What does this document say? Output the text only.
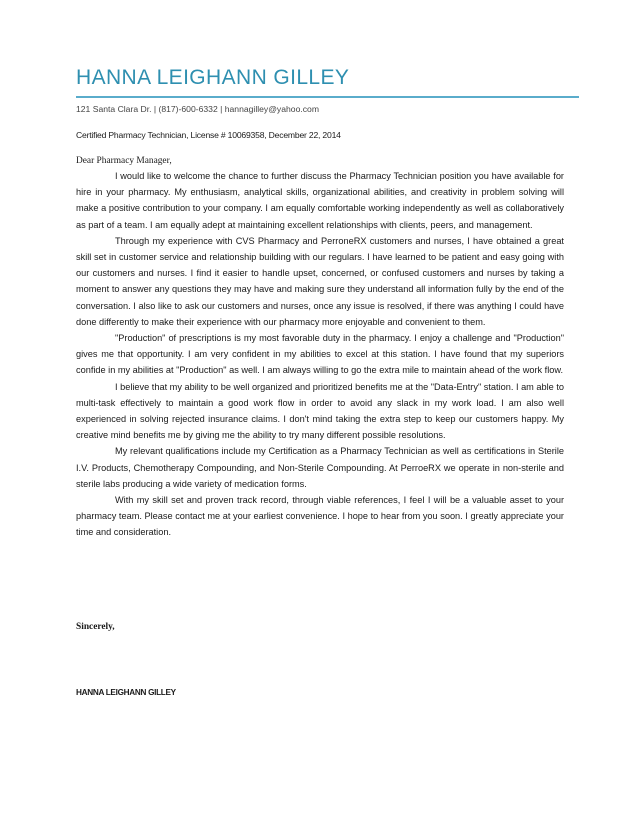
HANNA LEIGHANN GILLEY
121 Santa Clara Dr. | (817)-600-6332 | hannagilley@yahoo.com
Certified Pharmacy Technician, License # 10069358, December 22, 2014
Dear Pharmacy Manager,

I would like to welcome the chance to further discuss the Pharmacy Technician position you have available for hire in your pharmacy. My enthusiasm, analytical skills, organizational abilities, and creativity in problem solving will make a positive contribution to your company. I am equally comfortable working independently as well as collaboratively as part of a team. I am equally adept at maintaining excellent relationships with clients, peers, and management.

Through my experience with CVS Pharmacy and PerroneRX customers and nurses, I have obtained a great skill set in customer service and relationship building with our regulars. I have learned to be patient and easy going with our customers and nurses. I find it easier to handle upset, concerned, or confused customers and nurses by taking a moment to answer any questions they may have and making sure they understand all information fully by the end of the conversation. I also like to ask our customers and nurses, once any issue is resolved, if there was anything I could have done differently to make their experience with our pharmacy more enjoyable and convenient to them.

"Production" of prescriptions is my most favorable duty in the pharmacy. I enjoy a challenge and "Production" gives me that opportunity. I am very confident in my abilities to excel at this station. I have found that my superiors confide in my abilities at "Production" as well. I am always willing to go the extra mile to maintain ahead of the work flow.

I believe that my ability to be well organized and prioritized benefits me at the "Data-Entry" station. I am able to multi-task effectively to maintain a good work flow in order to avoid any slack in my work load. I am also well experienced in solving rejected insurance claims. I don't mind taking the extra step to keep our customers happy. My creative mind benefits me by giving me the ability to try many different possible resolutions.

My relevant qualifications include my Certification as a Pharmacy Technician as well as certifications in Sterile I.V. Products, Chemotherapy Compounding, and Non-Sterile Compounding. At PerroeRX we operate in non-sterile and sterile labs producing a wide variety of medication forms.

With my skill set and proven track record, through viable references, I feel I will be a valuable asset to your pharmacy team. Please contact me at your earliest convenience. I hope to hear from you soon. I greatly appreciate your time and consideration.

Sincerely,
HANNA LEIGHANN GILLEY
